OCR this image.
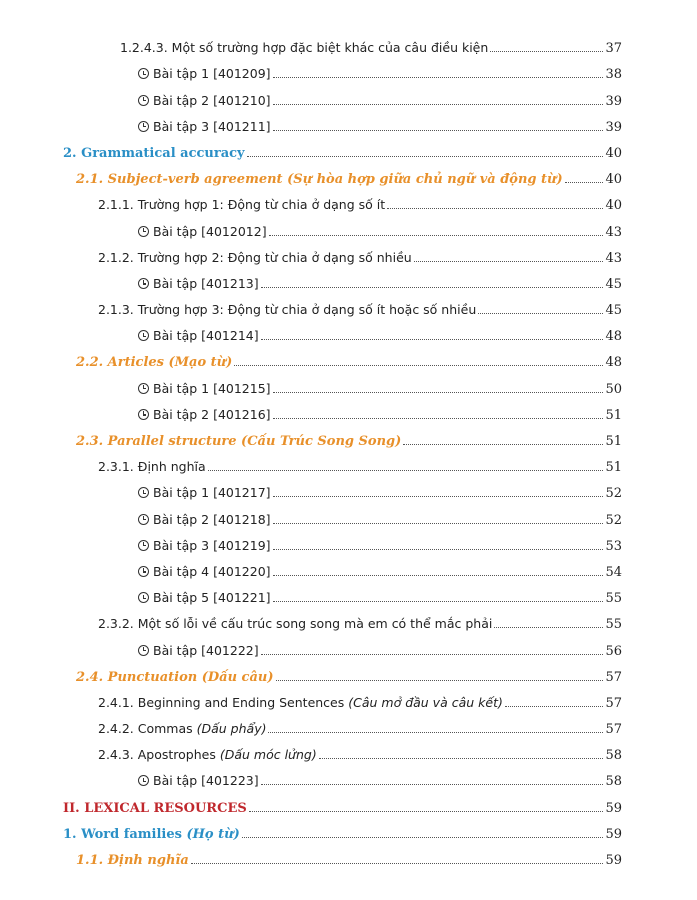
1.2.4.3. Một số trường hợp đặc biệt khác của câu điều kiện	37
Bài tập 1 [401209]	38
Bài tập 2 [401210]	39
Bài tập 3 [401211]	39
2. Grammatical accuracy	40
2.1. Subject-verb agreement (Sự hòa hợp giữa chủ ngữ và động từ)	40
2.1.1. Trường hợp 1: Động từ chia ở dạng số ít	40
Bài tập [4012012]	43
2.1.2. Trường hợp 2: Động từ chia ở dạng số nhiều	43
Bài tập [401213]	45
2.1.3. Trường hợp 3: Động từ chia ở dạng số ít hoặc số nhiều	45
Bài tập [401214]	48
2.2. Articles (Mạo từ)	48
Bài tập 1 [401215]	50
Bài tập 2 [401216]	51
2.3. Parallel structure (Cấu Trúc Song Song)	51
2.3.1. Định nghĩa	51
Bài tập 1 [401217]	52
Bài tập 2 [401218]	52
Bài tập 3 [401219]	53
Bài tập 4 [401220]	54
Bài tập 5 [401221]	55
2.3.2. Một số lỗi về cấu trúc song song mà em có thể mắc phải	55
Bài tập [401222]	56
2.4. Punctuation (Dấu câu)	57
2.4.1. Beginning and Ending Sentences (Câu mở đầu và câu kết)	57
2.4.2. Commas (Dấu phẩy)	57
2.4.3. Apostrophes (Dấu móc lửng)	58
Bài tập [401223]	58
II. LEXICAL RESOURCES	59
1. Word families (Họ từ)	59
1.1. Định nghĩa	59
